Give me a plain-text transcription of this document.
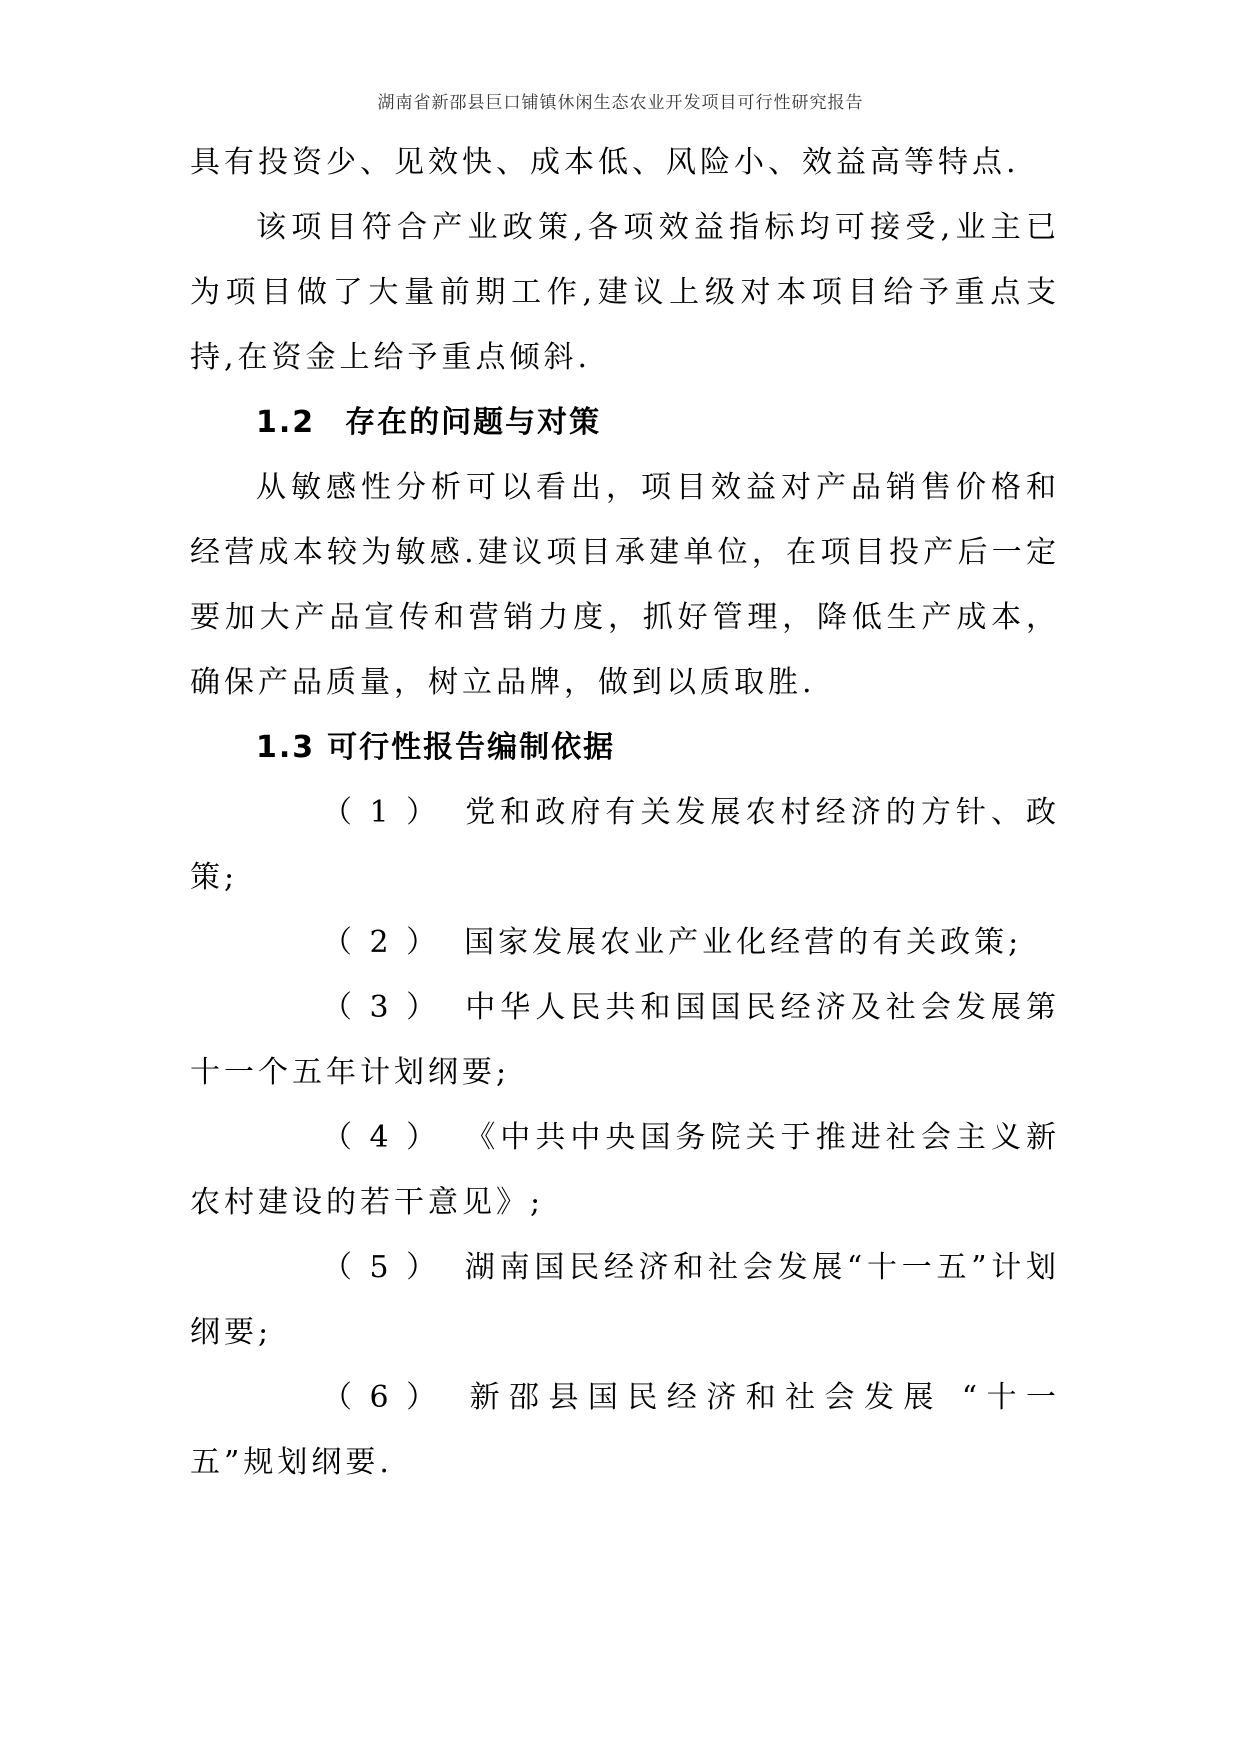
湖南省新邵县巨口铺镇休闲生态农业开发项目可行性研究报告

具有投资少、见效快、成本低、风险小、效益高等特点.

该项目符合产业政策,各项效益指标均可接受,业主已为项目做了大量前期工作,建议上级对本项目给予重点支持,在资金上给予重点倾斜.

1.2 存在的问题与对策

从敏感性分析可以看出，项目效益对产品销售价格和经营成本较为敏感.建议项目承建单位，在项目投产后一定要加大产品宣传和营销力度，抓好管理，降低生产成本，确保产品质量，树立品牌，做到以质取胜.

1.3 可行性报告编制依据

（ 1 ） 党和政府有关发展农村经济的方针、政策;

（ 2 ） 国家发展农业产业化经营的有关政策;

（ 3 ） 中华人民共和国国民经济及社会发展第十一个五年计划纲要;

（ 4 ） 《中共中央国务院关于推进社会主义新农村建设的若干意见》;

（ 5 ） 湖南国民经济和社会发展“十一五”计划纲要;

（ 6 ） 新邵县国民经济和社会发展 “十一五”规划纲要.
